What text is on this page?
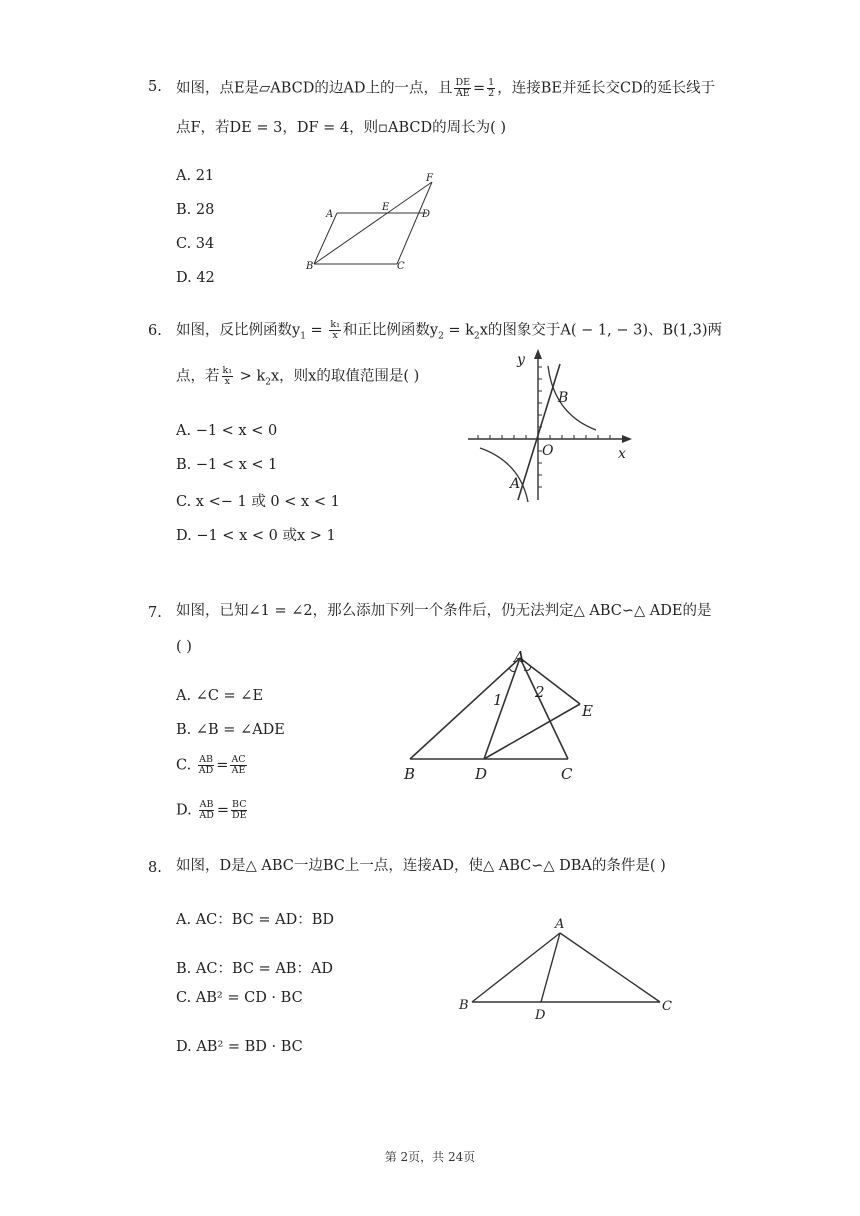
5. 如图，点E是▱ABCD的边AD上的一点，且 $\frac{DE}{AE} = \frac{1}{2}$ ，连接BE并延长交CD的延长线于
点F，若DE = 3，DF = 4，则▫ABCD的周长为( )
A. 21
B. 28
C. 34
D. 42
A
E
D
F
B	C
6. 如图，反比例函数$y_1 = \frac{\text{k₁}}{x}$ 和正比例函数$y_2 = k_2x$的图象交于A( − 1, − 3)、B(1,3)两
点，若 $\frac{\text{k₁}}{x} > k_2x$，则x的取值范围是( )
A. −1 < x < 0
B. −1 < x < 1
C. x <− 1 或 0 < x < 1
D. −1 < x < 0 或x > 1
y
x
O
B
A
7. 如图，已知∠1 = ∠2，那么添加下列一个条件后，仍无法判定△ ABC∽△ ADE的是
( )
A. ∠C = ∠E
B. ∠B = ∠ADE
C. $\frac{AB}{AD} = \frac{AC}{AE}$
D. $\frac{AB}{AD} = \frac{BC}{DE}$
A
1 2
E
B	D	C
8. 如图，D是△ ABC一边BC上一点，连接AD，使△ ABC∽△ DBA的条件是( )
A. AC：BC = AD：BD
B. AC：BC = AB：AD
C. AB² = CD · BC
D. AB² = BD · BC
A
B
D
C
第 2页，共 24页
